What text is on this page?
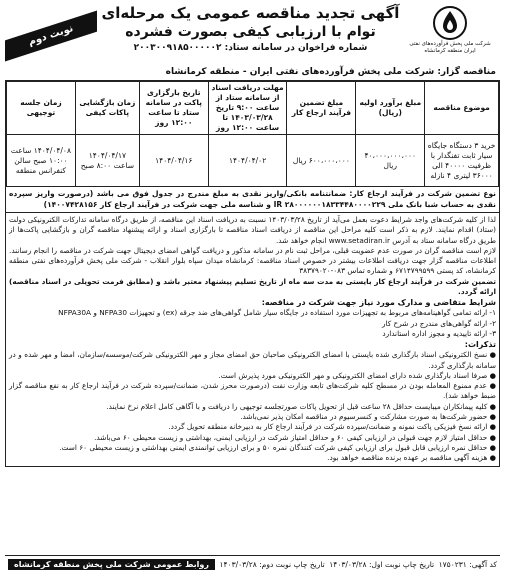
شرکت ملی پخش فرآورده‌های نفتی ایران منطقه کرمانشاه
آگهی تجدید مناقصه عمومی یک مرحله‌ای
توام با ارزیابی کیفی بصورت فشرده
شماره فراخوان در سامانه ستاد: ۲۰۰۳۰۰۹۱۸۵۰۰۰۰۰۲
نوبت دوم
مناقصه گزار: شرکت ملی پخش فرآورده‌های نفتی ایران - منطقه کرمانشاه
موضوع مناقصه	مبلغ برآورد اولیه (ریال)	مبلغ تضمین فرآیند ارجاع کار	مهلت دریافت اسناد از سامانه ستاد از ساعت ۹:۰۰ تاریخ ۱۴۰۳/۰۳/۲۸ تا ساعت ۱۲:۰۰ روز	تاریخ بارگزاری پاکت در سامانه ستاد تا ساعت ۱۲:۰۰ روز	زمان بازگشایی پاکات کیفی	زمان جلسه توجیهی
خرید ۳ دستگاه جایگاه سیار ثابت تفنگدار با ظرفیت ۴۰۰۰۰ الی ۳۶۰۰۰ لیتری ۴ نازله	۴۰،۰۰۰،۰۰۰،۰۰۰ ریال	۶۰۰،۰۰۰،۰۰۰ ریال	۱۴۰۴/۰۴/۰۲	۱۴۰۴/۰۴/۱۶	۱۴۰۴/۰۴/۱۷ ساعت ۸:۰۰ صبح	۱۴۰۴/۰۴/۰۸ ساعت ۱۰:۰۰ صبح سالن کنفرانس منطقه
نوع تضمین شرکت در فرآیند ارجاع کار: ضمانتنامه بانکی/واریز نقدی به مبلغ مندرج در جدول فوق می باشد (درصورت واریز سپرده نقدی به حساب شبا بانک ملی ۲۸۰۰۰۰۰۰۱۸۳۳۴۴۸۰۰۰۰۲۲۹ IR و شناسه ملی جهت شرکت در فرآیند ارجاع کار ۱۴۰۰۷۴۲۸۱۵۶)

لذا از کلیه شرکت‌های واجد شرایط دعوت بعمل می‌آید از تاریخ ۱۴۰۳/۰۳/۲۸ نسبت به دریافت اسناد این مناقصه، از طریق درگاه سامانه تدارکات الکترونیکی دولت (ستاد) اقدام نمایند. لازم به ذکر است کلیه مراحل این مناقصه از دریافت اسناد مناقصه تا بارگزاری اسناد و ارائه پیشنهاد مناقصه گران و بازگشایی پاکت‌ها از طریق درگاه سامانه ستاد به آدرس www.setadiran.ir انجام خواهد شد.

لازم است مناقصه گران در صورت عدم عضویت قبلی، مراحل ثبت نام در سامانه مذکور و دریافت گواهی امضای دیجیتال جهت شرکت در مناقصه را انجام رسانند. اطلاعات مناقصه گزار جهت دریافت اطلاعات بیشتر در خصوص اسناد مناقصه: کرمانشاه میدان سپاه بلوار انقلاب - شرکت ملی پخش فرآورده‌های نفتی منطقه کرمانشاه، کد پستی ۶۷۱۴۷۹۹۵۹۹ و شماره تماس ۰۸۳-۳۸۳۷۹۰۲۰

تضمین شرکت در فرآیند ارجاع کار بایستی به مدت سه ماه از تاریخ تسلیم پیشنهاد معتبر باشد و (مطابق فرمت تحویلی در اسناد مناقصه) ارائه گردد.

شرایط متقاضی و مدارک مورد نیاز جهت شرکت در مناقصه:

۱- ارائه تمامی گواهینامه‌های مربوط به تجهیزات مورد استفاده در جایگاه سیار شامل گواهی‌های ضد جرقه (ex) و تجهیزات NFPA30 و NFPA30A

۲- ارائه گواهی‌های مندرج در شرح کار

۳- ارائه تاییدیه و مجوز اداره استاندارد

تذکرات:

● نسخ الکترونیکی اسناد بارگذاری شده بایستی با امضای الکترونیکی صاحبان حق امضای مجاز و مهر الکترونیکی شرکت/موسسه/سازمان، امضا و مهر شده و در سامانه بارگذاری گردد.

● صرفا اسناد بارگذاری شده دارای امضای الکترونیکی و مهر الکترونیکی مورد پذیرش است.

● عدم ممنوع المعامله بودن در مسطح کلیه شرکت‌های تابعه وزارت نفت (درصورت محرز شدن، ضمانت/سپرده شرکت در فرآیند ارجاع کار به نفع مناقصه گزار ضبط خواهد شد).

● کلیه پیمانکاران میبایست حداقل ۲۸ ساعت قبل از تحویل پاکات صورتجلسه توجیهی را دریافت و با آگاهی کامل اعلام نرخ نمایند.

● حضور شرکت‌ها به صورت مشارکت و کنسرسیوم در مناقصه امکان پذیر نمی‌باشد.

● ارائه نسخ فیزیکی پاکت نمونه و ضمانت/سپرده شرکت در فرآیند ارجاع کار به دبیرخانه منطقه تحویل گردد.

● حداقل امتیاز لازم جهت قبولی در ارزیابی کیفی ۶۰ و حداقل امتیاز شرکت در ارزیابی ایمنی، بهداشتی و زیست محیطی ۶۰ می‌باشد.

● حداقل نمره ارزیابی قابل قبول برای ارزیابی کیفی شرکت کنندگان نمره ۵۰ و برای ارزیابی توانمندی ایمنی بهداشتی و زیست محیطی ۶۰ است.

● هزینه آگهی مناقصه بر عهده برنده مناقصه خواهد بود.

کد آگهی: ۱۷۵۰۲۳۱
تاریخ چاپ نوبت اول: ۱۴۰۳/۰۳/۲۸
تاریخ چاپ نوبت دوم: ۱۴۰۳/۰۳/۲۸
روابط عمومی شرکت ملی پخش منطقه کرمانشاه
